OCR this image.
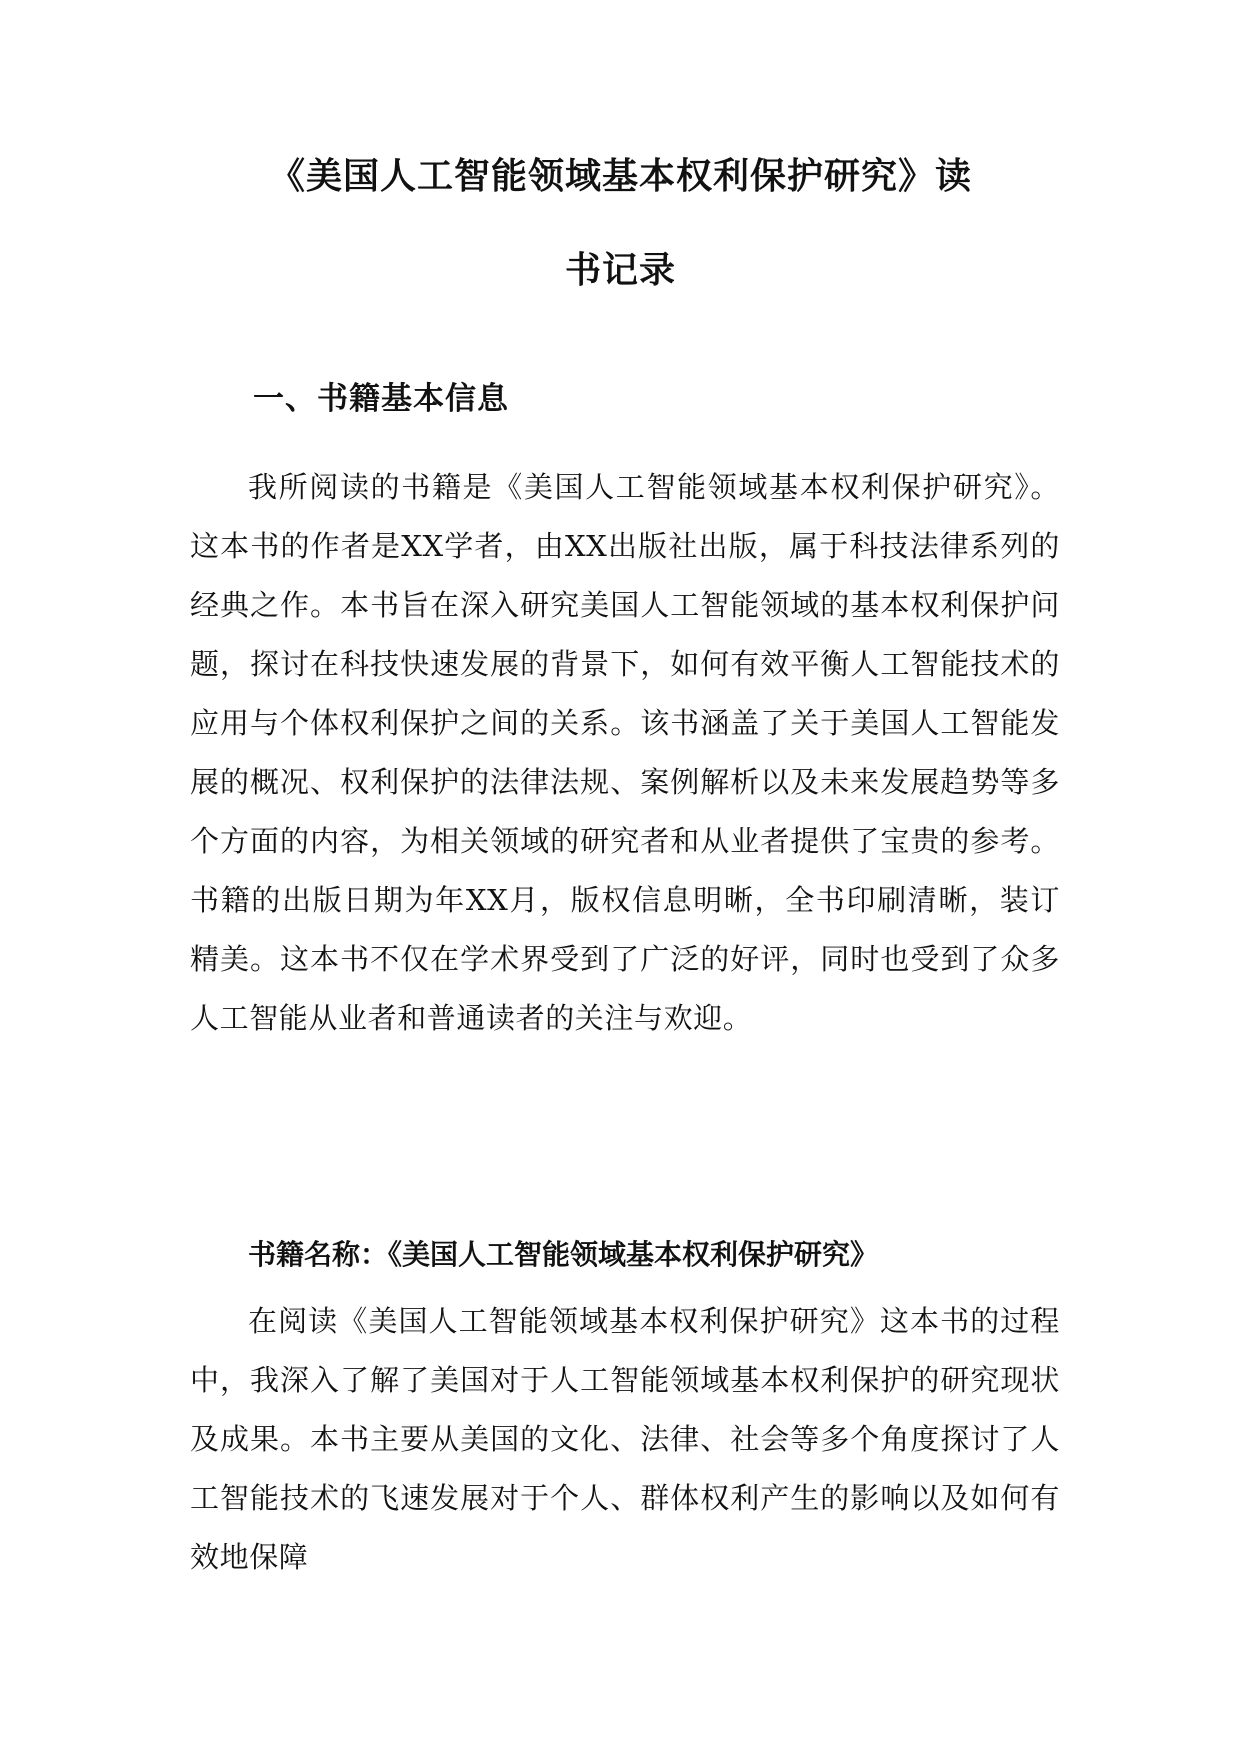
《美国人工智能领域基本权利保护研究》读
书记录
一、书籍基本信息

我所阅读的书籍是《美国人工智能领域基本权利保护研究》。这本书的作者是XX学者，由XX出版社出版，属于科技法律系列的经典之作。本书旨在深入研究美国人工智能领域的基本权利保护问题，探讨在科技快速发展的背景下，如何有效平衡人工智能技术的应用与个体权利保护之间的关系。该书涵盖了关于美国人工智能发展的概况、权利保护的法律法规、案例解析以及未来发展趋势等多个方面的内容，为相关领域的研究者和从业者提供了宝贵的参考。书籍的出版日期为年XX月，版权信息明晰，全书印刷清晰，装订精美。这本书不仅在学术界受到了广泛的好评，同时也受到了众多人工智能从业者和普通读者的关注与欢迎。

书籍名称：《美国人工智能领域基本权利保护研究》

在阅读《美国人工智能领域基本权利保护研究》这本书的过程中，我深入了解了美国对于人工智能领域基本权利保护的研究现状及成果。本书主要从美国的文化、法律、社会等多个角度探讨了人工智能技术的飞速发展对于个人、群体权利产生的影响以及如何有效地保障
